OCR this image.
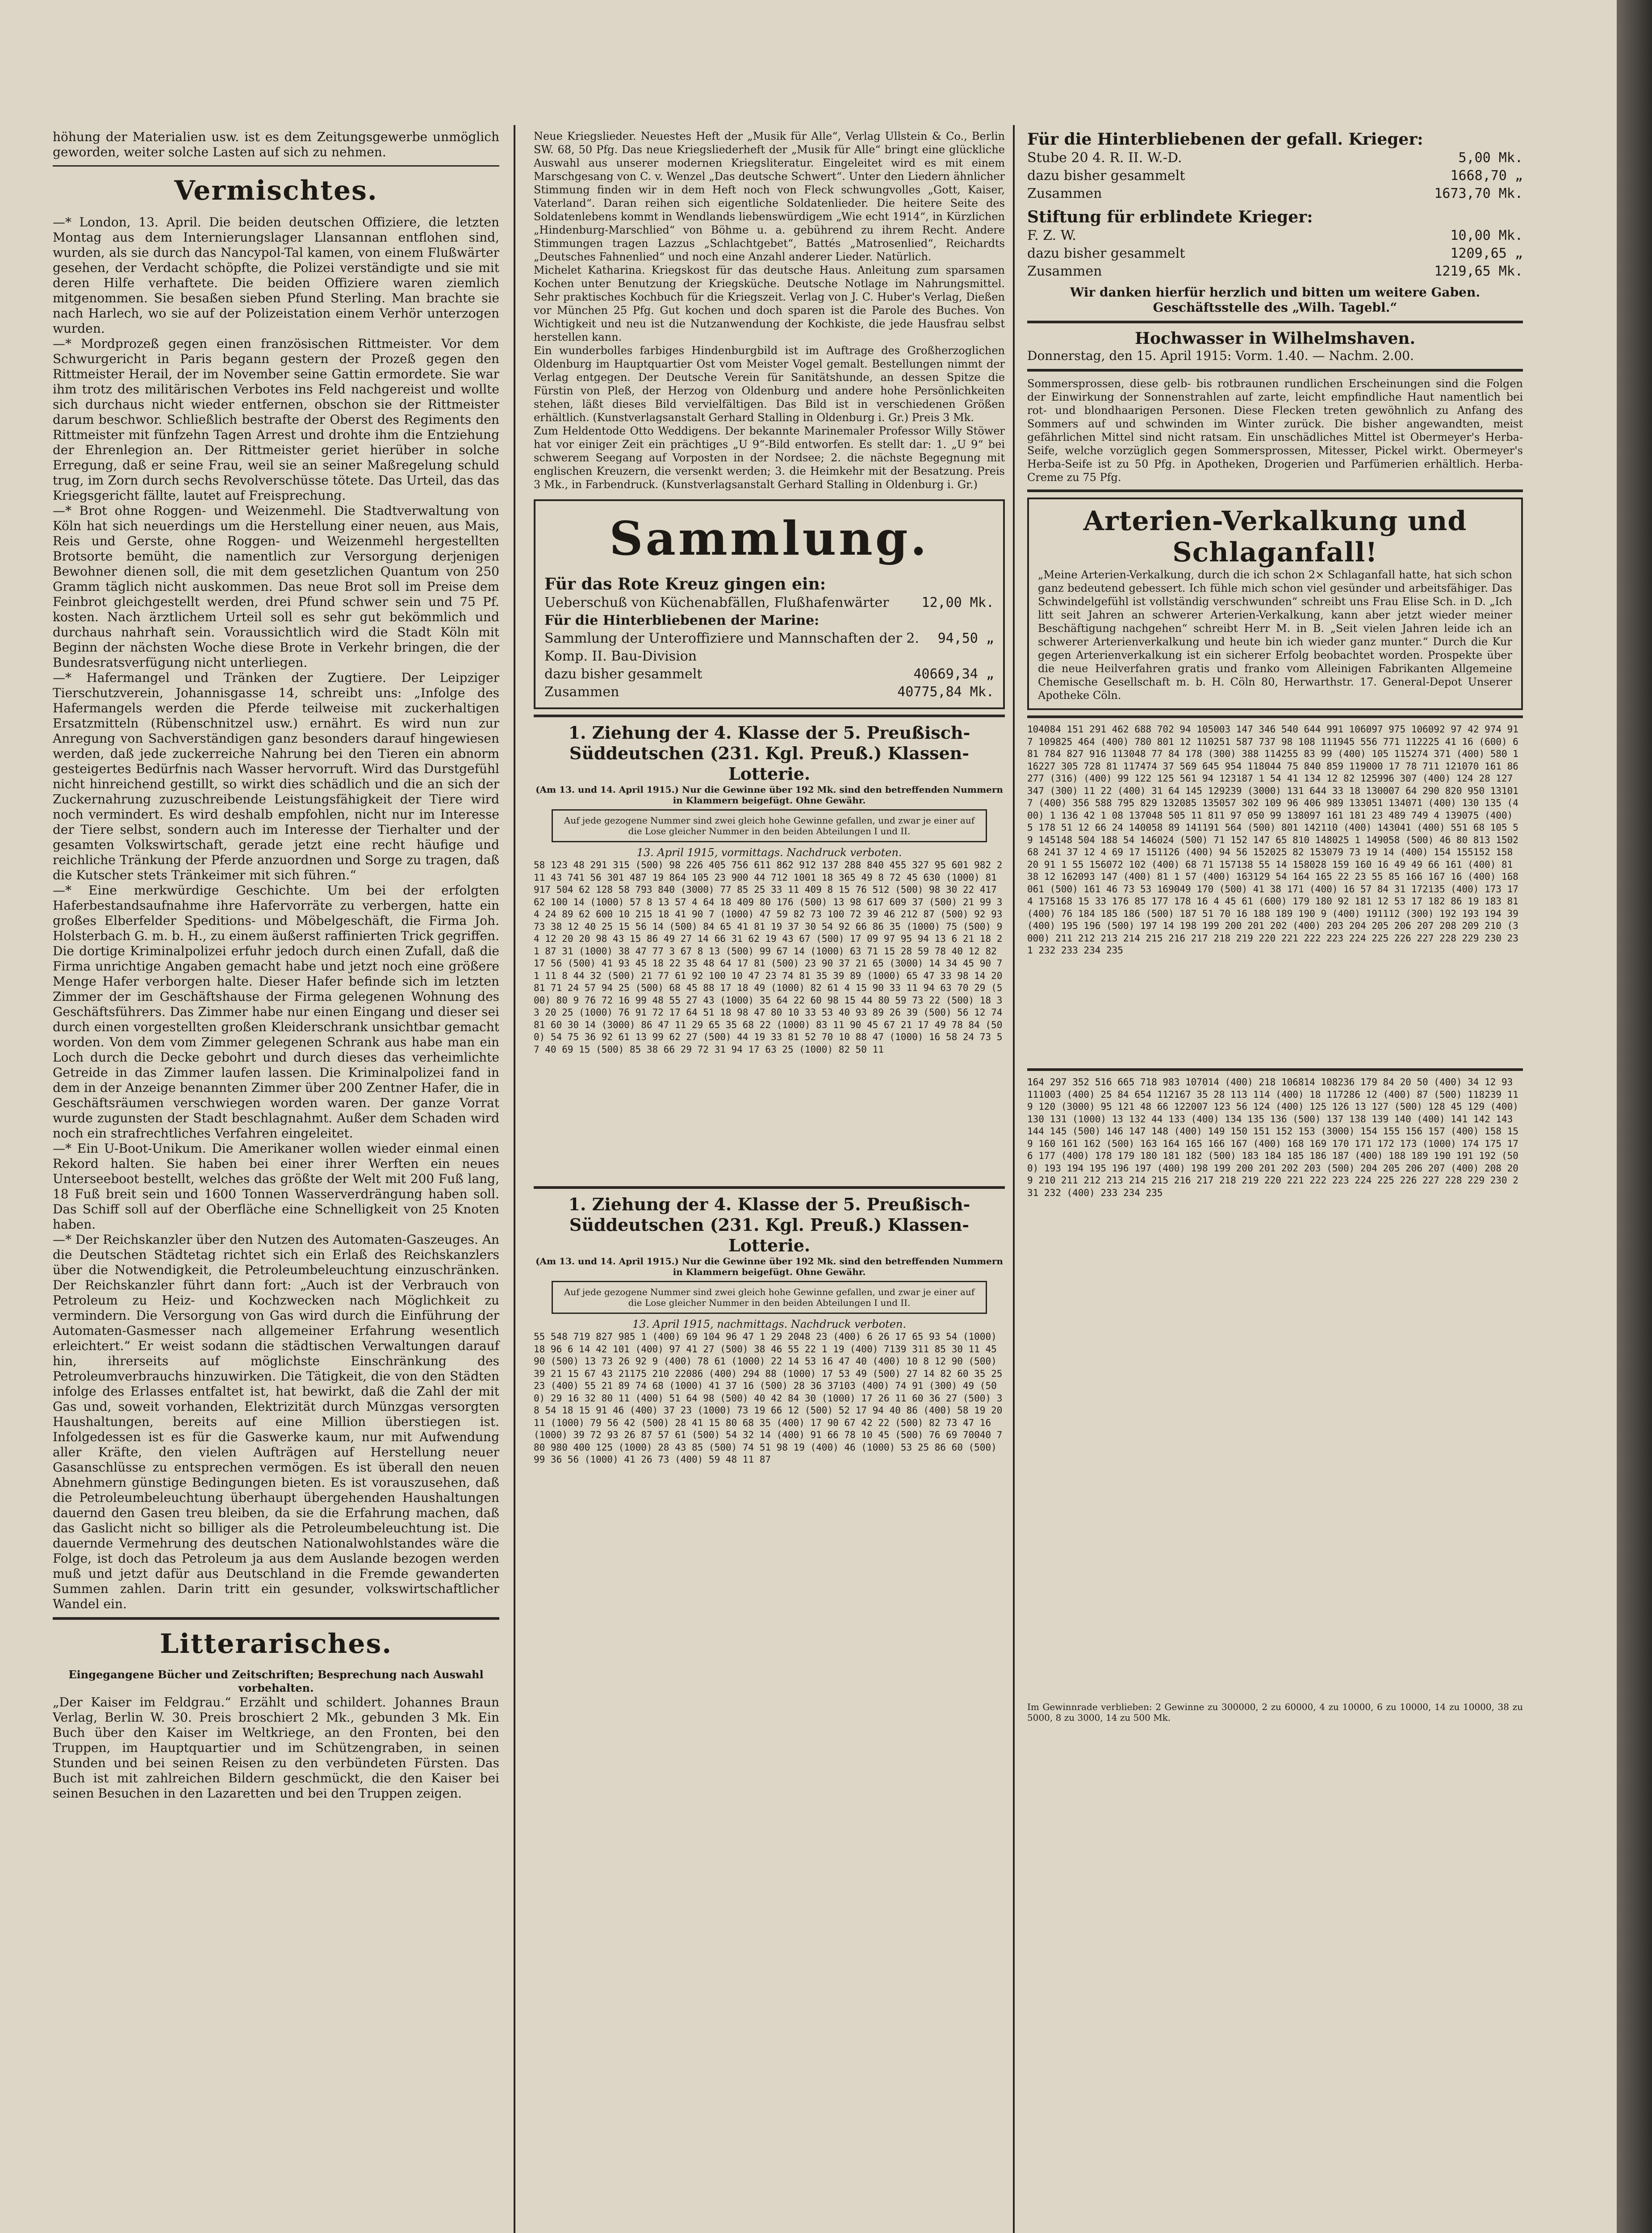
höhung der Materialien usw. ist es dem Zeitungsgewerbe unmöglich geworden, weiter solche Lasten auf sich zu nehmen.

Vermischtes.

—* London, 13. April. Die beiden deutschen Offiziere, die letzten Montag aus dem Internierungslager Llansannan entflohen sind, wurden, als sie durch das Nancypol-Tal kamen, von einem Flußwärter gesehen, der Verdacht schöpfte, die Polizei verständigte und sie mit deren Hilfe verhaftete. Die beiden Offiziere waren ziemlich mitgenommen. Sie besaßen sieben Pfund Sterling. Man brachte sie nach Harlech, wo sie auf der Polizeistation einem Verhör unterzogen wurden.

—* Mordprozeß gegen einen französischen Rittmeister. Vor dem Schwurgericht in Paris begann gestern der Prozeß gegen den Rittmeister Herail, der im November seine Gattin ermordete. Sie war ihm trotz des militärischen Verbotes ins Feld nachgereist und wollte sich durchaus nicht wieder entfernen, obschon sie der Rittmeister darum beschwor. Schließlich bestrafte der Oberst des Regiments den Rittmeister mit fünfzehn Tagen Arrest und drohte ihm die Entziehung der Ehrenlegion an. Der Rittmeister geriet hierüber in solche Erregung, daß er seine Frau, weil sie an seiner Maßregelung schuld trug, im Zorn durch sechs Revolverschüsse tötete. Das Urteil, das das Kriegsgericht fällte, lautet auf Freisprechung.

—* Brot ohne Roggen- und Weizenmehl. Die Stadtverwaltung von Köln hat sich neuerdings um die Herstellung einer neuen, aus Mais, Reis und Gerste, ohne Roggen- und Weizenmehl hergestellten Brotsorte bemüht, die namentlich zur Versorgung derjenigen Bewohner dienen soll, die mit dem gesetzlichen Quantum von 250 Gramm täglich nicht auskommen. Das neue Brot soll im Preise dem Feinbrot gleichgestellt werden, drei Pfund schwer sein und 75 Pf. kosten. Nach ärztlichem Urteil soll es sehr gut bekömmlich und durchaus nahrhaft sein. Voraussichtlich wird die Stadt Köln mit Beginn der nächsten Woche diese Brote in Verkehr bringen, die der Bundesratsverfügung nicht unterliegen.

—* Hafermangel und Tränken der Zugtiere. Der Leipziger Tierschutzverein, Johannisgasse 14, schreibt uns: „Infolge des Hafermangels werden die Pferde teilweise mit zuckerhaltigen Ersatzmitteln (Rübenschnitzel usw.) ernährt. Es wird nun zur Anregung von Sachverständigen ganz besonders darauf hingewiesen werden, daß jede zuckerreiche Nahrung bei den Tieren ein abnorm gesteigertes Bedürfnis nach Wasser hervorruft. Wird das Durstgefühl nicht hinreichend gestillt, so wirkt dies schädlich und die an sich der Zuckernahrung zuzuschreibende Leistungsfähigkeit der Tiere wird noch vermindert. Es wird deshalb empfohlen, nicht nur im Interesse der Tiere selbst, sondern auch im Interesse der Tierhalter und der gesamten Volkswirtschaft, gerade jetzt eine recht häufige und reichliche Tränkung der Pferde anzuordnen und Sorge zu tragen, daß die Kutscher stets Tränkeimer mit sich führen.“

—* Eine merkwürdige Geschichte. Um bei der erfolgten Haferbestandsaufnahme ihre Hafervorräte zu verbergen, hatte ein großes Elberfelder Speditions- und Möbelgeschäft, die Firma Joh. Holsterbach G. m. b. H., zu einem äußerst raffinierten Trick gegriffen. Die dortige Kriminalpolizei erfuhr jedoch durch einen Zufall, daß die Firma unrichtige Angaben gemacht habe und jetzt noch eine größere Menge Hafer verborgen halte. Dieser Hafer befinde sich im letzten Zimmer der im Geschäftshause der Firma gelegenen Wohnung des Geschäftsführers. Das Zimmer habe nur einen Eingang und dieser sei durch einen vorgestellten großen Kleiderschrank unsichtbar gemacht worden. Von dem vom Zimmer gelegenen Schrank aus habe man ein Loch durch die Decke gebohrt und durch dieses das verheimlichte Getreide in das Zimmer laufen lassen. Die Kriminalpolizei fand in dem in der Anzeige benannten Zimmer über 200 Zentner Hafer, die in Geschäftsräumen verschwiegen worden waren. Der ganze Vorrat wurde zugunsten der Stadt beschlagnahmt. Außer dem Schaden wird noch ein strafrechtliches Verfahren eingeleitet.

—* Ein U-Boot-Unikum. Die Amerikaner wollen wieder einmal einen Rekord halten. Sie haben bei einer ihrer Werften ein neues Unterseeboot bestellt, welches das größte der Welt mit 200 Fuß lang, 18 Fuß breit sein und 1600 Tonnen Wasserverdrängung haben soll. Das Schiff soll auf der Oberfläche eine Schnelligkeit von 25 Knoten haben.

—* Der Reichskanzler über den Nutzen des Automaten-Gaszeuges. An die Deutschen Städtetag richtet sich ein Erlaß des Reichskanzlers über die Notwendigkeit, die Petroleumbeleuchtung einzuschränken. Der Reichskanzler führt dann fort: „Auch ist der Verbrauch von Petroleum zu Heiz- und Kochzwecken nach Möglichkeit zu vermindern. Die Versorgung von Gas wird durch die Einführung der Automaten-Gasmesser nach allgemeiner Erfahrung wesentlich erleichtert.“ Er weist sodann die städtischen Verwaltungen darauf hin, ihrerseits auf möglichste Einschränkung des Petroleumverbrauchs hinzuwirken. Die Tätigkeit, die von den Städten infolge des Erlasses entfaltet ist, hat bewirkt, daß die Zahl der mit Gas und, soweit vorhanden, Elektrizität durch Münzgas versorgten Haushaltungen, bereits auf eine Million überstiegen ist. Infolgedessen ist es für die Gaswerke kaum, nur mit Aufwendung aller Kräfte, den vielen Aufträgen auf Herstellung neuer Gasanschlüsse zu entsprechen vermögen. Es ist überall den neuen Abnehmern günstige Bedingungen bieten. Es ist vorauszusehen, daß die Petroleumbeleuchtung überhaupt übergehenden Haushaltungen dauernd den Gasen treu bleiben, da sie die Erfahrung machen, daß das Gaslicht nicht so billiger als die Petroleumbeleuchtung ist. Die dauernde Vermehrung des deutschen Nationalwohlstandes wäre die Folge, ist doch das Petroleum ja aus dem Auslande bezogen werden muß und jetzt dafür aus Deutschland in die Fremde gewanderten Summen zahlen. Darin tritt ein gesunder, volkswirtschaftlicher Wandel ein.

Litterarisches.

Eingegangene Bücher und Zeitschriften; Besprechung nach Auswahl vorbehalten.

„Der Kaiser im Feldgrau.“ Erzählt und schildert. Johannes Braun Verlag, Berlin W. 30. Preis broschiert 2 Mk., gebunden 3 Mk. Ein Buch über den Kaiser im Weltkriege, an den Fronten, bei den Truppen, im Hauptquartier und im Schützengraben, in seinen Stunden und bei seinen Reisen zu den verbündeten Fürsten. Das Buch ist mit zahlreichen Bildern geschmückt, die den Kaiser bei seinen Besuchen in den Lazaretten und bei den Truppen zeigen.

Neue Kriegslieder. Neuestes Heft der „Musik für Alle“, Verlag Ullstein & Co., Berlin SW. 68, 50 Pfg. Das neue Kriegsliederheft der „Musik für Alle“ bringt eine glückliche Auswahl aus unserer modernen Kriegsliteratur. Eingeleitet wird es mit einem Marschgesang von C. v. Wenzel „Das deutsche Schwert“. Unter den Liedern ähnlicher Stimmung finden wir in dem Heft noch von Fleck schwungvolles „Gott, Kaiser, Vaterland“. Daran reihen sich eigentliche Soldatenlieder. Die heitere Seite des Soldatenlebens kommt in Wendlands liebenswürdigem „Wie echt 1914“, in Kürzlichen „Hindenburg-Marschlied“ von Böhme u. a. gebührend zu ihrem Recht. Andere Stimmungen tragen Lazzus „Schlachtgebet“, Battés „Matrosenlied“, Reichardts „Deutsches Fahnenlied“ und noch eine Anzahl anderer Lieder. Natürlich.

Michelet Katharina. Kriegskost für das deutsche Haus. Anleitung zum sparsamen Kochen unter Benutzung der Kriegsküche. Deutsche Notlage im Nahrungsmittel. Sehr praktisches Kochbuch für die Kriegszeit. Verlag von J. C. Huber's Verlag, Dießen vor München 25 Pfg. Gut kochen und doch sparen ist die Parole des Buches. Von Wichtigkeit und neu ist die Nutzanwendung der Kochkiste, die jede Hausfrau selbst herstellen kann.

Ein wunderbolles farbiges Hindenburgbild ist im Auftrage des Großherzoglichen Oldenburg im Hauptquartier Ost vom Meister Vogel gemalt. Bestellungen nimmt der Verlag entgegen. Der Deutsche Verein für Sanitätshunde, an dessen Spitze die Fürstin von Pleß, der Herzog von Oldenburg und andere hohe Persönlichkeiten stehen, läßt dieses Bild vervielfältigen. Das Bild ist in verschiedenen Größen erhältlich. (Kunstverlagsanstalt Gerhard Stalling in Oldenburg i. Gr.) Preis 3 Mk.

Zum Heldentode Otto Weddigens. Der bekannte Marinemaler Professor Willy Stöwer hat vor einiger Zeit ein prächtiges „U 9“-Bild entworfen. Es stellt dar: 1. „U 9“ bei schwerem Seegang auf Vorposten in der Nordsee; 2. die nächste Begegnung mit englischen Kreuzern, die versenkt werden; 3. die Heimkehr mit der Besatzung. Preis 3 Mk., in Farbendruck. (Kunstverlagsanstalt Gerhard Stalling in Oldenburg i. Gr.)

Sammlung.
Für das Rote Kreuz gingen ein:
Ueberschuß von Küchenabfällen, Flußhafenwärter 12,00 Mk.
Für die Hinterbliebenen der Marine:
Sammlung der Unteroffiziere und Mannschaften der 2. Komp. II. Bau-Division
94,50 „
dazu bisher gesammelt	40669,34 „
Zusammen	40775,84 Mk.
1. Ziehung der 4. Klasse der 5. Preußisch-Süddeutschen (231. Kgl. Preuß.) Klassen-Lotterie.

(Am 13. und 14. April 1915.) Nur die Gewinne über 192 Mk. sind den betreffenden Nummern in Klammern beigefügt. Ohne Gewähr.

Auf jede gezogene Nummer sind zwei gleich hohe Gewinne gefallen, und zwar je einer auf die Lose gleicher Nummer in den beiden Abteilungen I und II.

13. April 1915, vormittags. Nachdruck verboten.

58 123 48 291 315 (500) 98 226 405 756 611 862 912 137 288 840 455 327 95 601 982 211 43 741 56 301 487 19 864 105 23 900 44 712 1001 18 365 49 8 72 45 630 (1000) 81 917 504 62 128 58 793 840 (3000) 77 85 25 33 11 409 8 15 76 512 (500) 98 30 22 417 62 100 14 (1000) 57 8 13 57 4 64 18 409 80 176 (500) 13 98 617 609 37 (500) 21 99 34 24 89 62 600 10 215 18 41 90 7 (1000) 47 59 82 73 100 72 39 46 212 87 (500) 92 93 73 38 12 40 25 15 56 14 (500) 84 65 41 81 19 37 30 54 92 66 86 35 (1000) 75 (500) 94 12 20 20 98 43 15 86 49 27 14 66 31 62 19 43 67 (500) 17 09 97 95 94 13 6 21 18 21 87 31 (1000) 38 47 77 3 67 8 13 (500) 99 67 14 (1000) 63 71 15 28 59 78 40 12 82 17 56 (500) 41 93 45 18 22 35 48 64 17 81 (500) 23 90 37 21 65 (3000) 14 34 45 90 71 11 8 44 32 (500) 21 77 61 92 100 10 47 23 74 81 35 39 89 (1000) 65 47 33 98 14 20 81 71 24 57 94 25 (500) 68 45 88 17 18 49 (1000) 82 61 4 15 90 33 11 94 63 70 29 (500) 80 9 76 72 16 99 48 55 27 43 (1000) 35 64 22 60 98 15 44 80 59 73 22 (500) 18 33 20 25 (1000) 76 91 72 17 64 51 18 98 47 80 10 33 53 40 93 89 26 39 (500) 56 12 74 81 60 30 14 (3000) 86 47 11 29 65 35 68 22 (1000) 83 11 90 45 67 21 17 49 78 84 (500) 54 75 36 92 61 13 99 62 27 (500) 44 19 33 81 52 70 10 88 47 (1000) 16 58 24 73 57 40 69 15 (500) 85 38 66 29 72 31 94 17 63 25 (1000) 82 50 11
1. Ziehung der 4. Klasse der 5. Preußisch-Süddeutschen (231. Kgl. Preuß.) Klassen-Lotterie.

(Am 13. und 14. April 1915.) Nur die Gewinne über 192 Mk. sind den betreffenden Nummern in Klammern beigefügt. Ohne Gewähr.

Auf jede gezogene Nummer sind zwei gleich hohe Gewinne gefallen, und zwar je einer auf die Lose gleicher Nummer in den beiden Abteilungen I und II.

13. April 1915, nachmittags. Nachdruck verboten.

55 548 719 827 985 1 (400) 69 104 96 47 1 29 2048 23 (400) 6 26 17 65 93 54 (1000) 18 96 6 14 42 101 (400) 97 41 27 (500) 38 46 55 22 1 19 (400) 7139 311 85 30 11 45 90 (500) 13 73 26 92 9 (400) 78 61 (1000) 22 14 53 16 47 40 (400) 10 8 12 90 (500) 39 21 15 67 43 21175 210 22086 (400) 294 88 (1000) 17 53 49 (500) 27 14 82 60 35 25 23 (400) 55 21 89 74 68 (1000) 41 37 16 (500) 28 36 37103 (400) 74 91 (300) 49 (500) 29 16 32 80 11 (400) 51 64 98 (500) 40 42 84 30 (1000) 17 26 11 60 36 27 (500) 38 54 18 15 91 46 (400) 37 23 (1000) 73 19 66 12 (500) 52 17 94 40 86 (400) 58 19 20 11 (1000) 79 56 42 (500) 28 41 15 80 68 35 (400) 17 90 67 42 22 (500) 82 73 47 16 (1000) 39 72 93 26 87 57 61 (500) 54 32 14 (400) 91 66 78 10 45 (500) 76 69 70040 780 980 400 125 (1000) 28 43 85 (500) 74 51 98 19 (400) 46 (1000) 53 25 86 60 (500) 99 36 56 (1000) 41 26 73 (400) 59 48 11 87
Für die Hinterbliebenen der gefall. Krieger:
Stube 20 4. R. II. W.-D.	5,00 Mk.
dazu bisher gesammelt	1668,70 „
Zusammen	1673,70 Mk.
Stiftung für erblindete Krieger:
F. Z. W.	10,00 Mk.
dazu bisher gesammelt	1209,65 „
Zusammen	1219,65 Mk.

Wir danken hierfür herzlich und bitten um weitere Gaben. Geschäftsstelle des „Wilh. Tagebl.“

Hochwasser in Wilhelmshaven.

Donnerstag, den 15. April 1915: Vorm. 1.40. — Nachm. 2.00.

Sommersprossen, diese gelb- bis rotbraunen rundlichen Erscheinungen sind die Folgen der Einwirkung der Sonnenstrahlen auf zarte, leicht empfindliche Haut namentlich bei rot- und blondhaarigen Personen. Diese Flecken treten gewöhnlich zu Anfang des Sommers auf und schwinden im Winter zurück. Die bisher angewandten, meist gefährlichen Mittel sind nicht ratsam. Ein unschädliches Mittel ist Obermeyer's Herba-Seife, welche vorzüglich gegen Sommersprossen, Mitesser, Pickel wirkt. Obermeyer's Herba-Seife ist zu 50 Pfg. in Apotheken, Drogerien und Parfümerien erhältlich. Herba-Creme zu 75 Pfg.

Arterien-Verkalkung und Schlaganfall!

„Meine Arterien-Verkalkung, durch die ich schon 2× Schlaganfall hatte, hat sich schon ganz bedeutend gebessert. Ich fühle mich schon viel gesünder und arbeitsfähiger. Das Schwindelgefühl ist vollständig verschwunden“ schreibt uns Frau Elise Sch. in D. „Ich litt seit Jahren an schwerer Arterien-Verkalkung, kann aber jetzt wieder meiner Beschäftigung nachgehen“ schreibt Herr M. in B. „Seit vielen Jahren leide ich an schwerer Arterienverkalkung und heute bin ich wieder ganz munter.“ Durch die Kur gegen Arterienverkalkung ist ein sicherer Erfolg beobachtet worden. Prospekte über die neue Heilverfahren gratis und franko vom Alleinigen Fabrikanten Allgemeine Chemische Gesellschaft m. b. H. Cöln 80, Herwarthstr. 17. General-Depot Unserer Apotheke Cöln.

104084 151 291 462 688 702 94 105003 147 346 540 644 991 106097 975 106092 97 42 974 917 109825 464 (400) 780 801 12 110251 587 737 98 108 111945 556 771 112225 41 16 (600) 681 784 827 916 113048 77 84 178 (300) 388 114255 83 99 (400) 105 115274 371 (400) 580 116227 305 728 81 117474 37 569 645 954 118044 75 840 859 119000 17 78 711 121070 161 86 277 (316) (400) 99 122 125 561 94 123187 1 54 41 134 12 82 125996 307 (400) 124 28 127 347 (300) 11 22 (400) 31 64 145 129239 (3000) 131 644 33 18 130007 64 290 820 950 131017 (400) 356 588 795 829 132085 135057 302 109 96 406 989 133051 134071 (400) 130 135 (400) 1 136 42 1 08 137048 505 11 811 97 050 99 138097 161 181 23 489 749 4 139075 (400) 5 178 51 12 66 24 140058 89 141191 564 (500) 801 142110 (400) 143041 (400) 551 68 105 59 145148 504 188 54 146024 (500) 71 152 147 65 810 148025 1 149058 (500) 46 80 813 150268 241 37 12 4 69 17 151126 (400) 94 56 152025 82 153079 73 19 14 (400) 154 155152 158 20 91 1 55 156072 102 (400) 68 71 157138 55 14 158028 159 160 16 49 49 66 161 (400) 81 38 12 162093 147 (400) 81 1 57 (400) 163129 54 164 165 22 23 55 85 166 167 16 (400) 168061 (500) 161 46 73 53 169049 170 (500) 41 38 171 (400) 16 57 84 31 172135 (400) 173 174 175168 15 33 176 85 177 178 16 4 45 61 (600) 179 180 92 181 12 53 17 182 86 19 183 81 (400) 76 184 185 186 (500) 187 51 70 16 188 189 190 9 (400) 191112 (300) 192 193 194 39 (400) 195 196 (500) 197 14 198 199 200 201 202 (400) 203 204 205 206 207 208 209 210 (3000) 211 212 213 214 215 216 217 218 219 220 221 222 223 224 225 226 227 228 229 230 231 232 233 234 235
164 297 352 516 665 718 983 107014 (400) 218 106814 108236 179 84 20 50 (400) 34 12 93 111003 (400) 25 84 654 112167 35 28 113 114 (400) 18 117286 12 (400) 87 (500) 118239 119 120 (3000) 95 121 48 66 122007 123 56 124 (400) 125 126 13 127 (500) 128 45 129 (400) 130 131 (1000) 13 132 44 133 (400) 134 135 136 (500) 137 138 139 140 (400) 141 142 143 144 145 (500) 146 147 148 (400) 149 150 151 152 153 (3000) 154 155 156 157 (400) 158 159 160 161 162 (500) 163 164 165 166 167 (400) 168 169 170 171 172 173 (1000) 174 175 176 177 (400) 178 179 180 181 182 (500) 183 184 185 186 187 (400) 188 189 190 191 192 (500) 193 194 195 196 197 (400) 198 199 200 201 202 203 (500) 204 205 206 207 (400) 208 209 210 211 212 213 214 215 216 217 218 219 220 221 222 223 224 225 226 227 228 229 230 231 232 (400) 233 234 235

Im Gewinnrade verblieben: 2 Gewinne zu 300000, 2 zu 60000, 4 zu 10000, 6 zu 10000, 14 zu 10000, 38 zu 5000, 8 zu 3000, 14 zu 500 Mk.
